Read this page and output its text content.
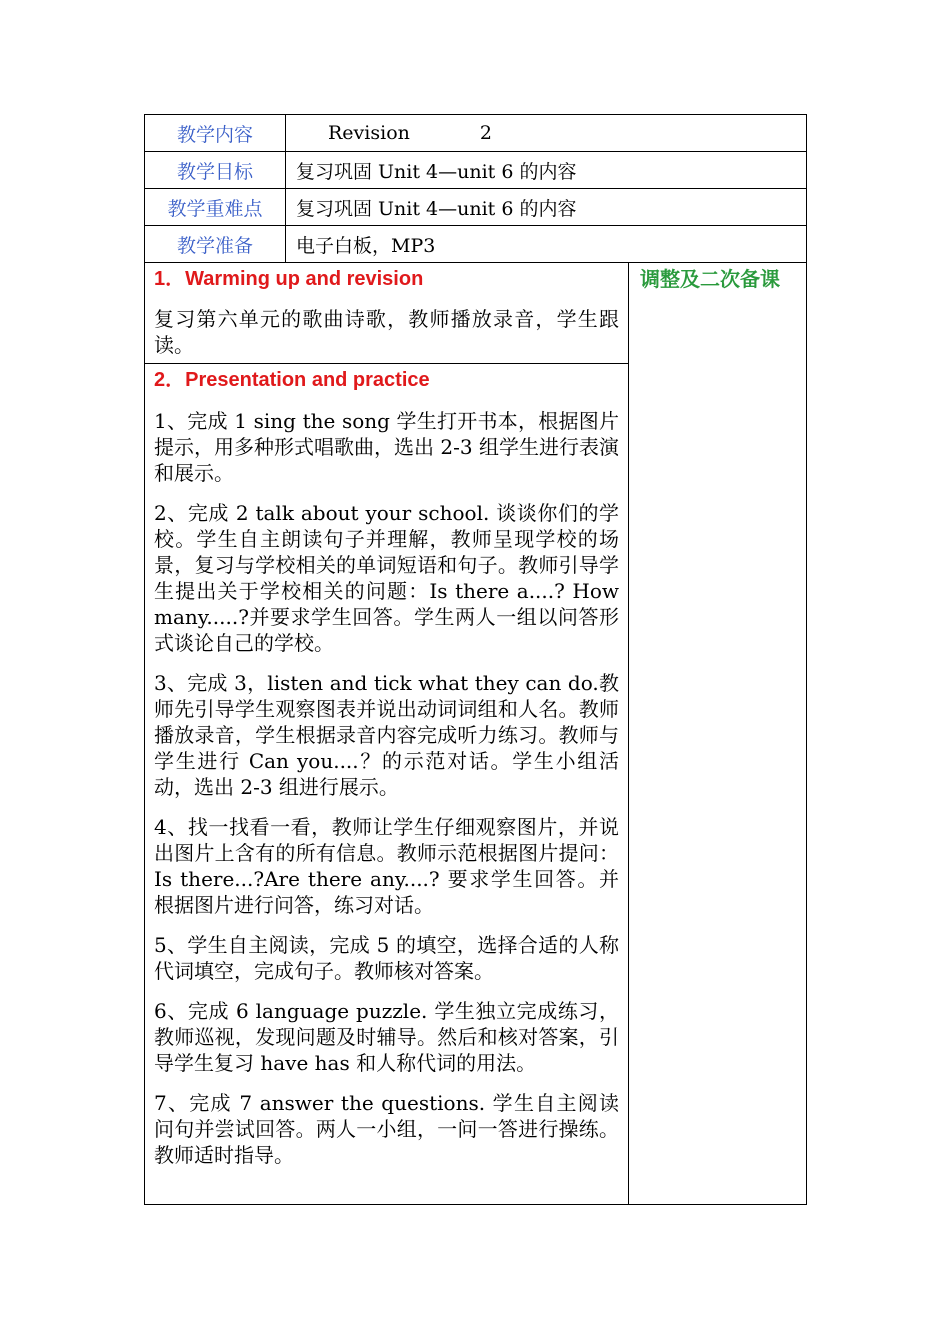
教学内容	Revision 2
教学目标	复习巩固 Unit 4—unit 6 的内容
教学重难点	复习巩固 Unit 4—unit 6 的内容
教学准备	电子白板，MP3
1．Warming up and revision

复习第六单元的歌曲诗歌，教师播放录音，学生跟读。

2．Presentation and practice

1、完成 1 sing the song 学生打开书本，根据图片提示，用多种形式唱歌曲，选出 2-3 组学生进行表演和展示。

2、完成 2 talk about your school. 谈谈你们的学校。学生自主朗读句子并理解，教师呈现学校的场景，复习与学校相关的单词短语和句子。教师引导学生提出关于学校相关的问题：Is there a....? How many.....?并要求学生回答。学生两人一组以问答形式谈论自己的学校。

3、完成 3，listen and tick what they can do.教师先引导学生观察图表并说出动词词组和人名。教师播放录音，学生根据录音内容完成听力练习。教师与学生进行 Can you....？的示范对话。学生小组活动，选出 2-3 组进行展示。

4、找一找看一看，教师让学生仔细观察图片，并说出图片上含有的所有信息。教师示范根据图片提问：Is there...?Are there any....? 要求学生回答。并根据图片进行问答，练习对话。

5、学生自主阅读，完成 5 的填空，选择合适的人称代词填空，完成句子。教师核对答案。

6、完成 6 language puzzle. 学生独立完成练习，教师巡视，发现问题及时辅导。然后和核对答案，引导学生复习 have has 和人称代词的用法。

7、完成 7 answer the questions. 学生自主阅读问句并尝试回答。两人一小组，一问一答进行操练。教师适时指导。

调整及二次备课
